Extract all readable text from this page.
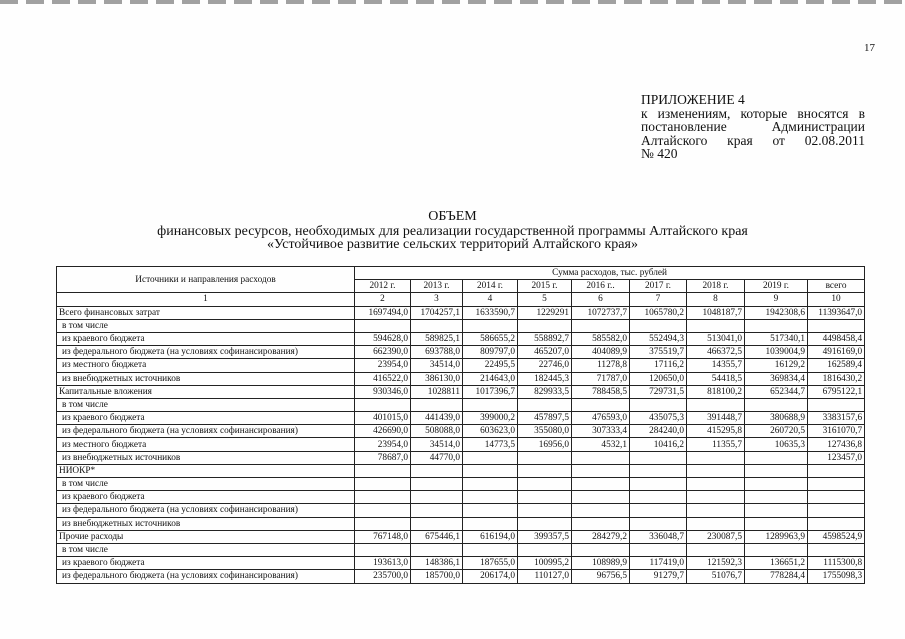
17
ПРИЛОЖЕНИЕ 4
к изменениям, которые вносятся в
постановление Администрации
Алтайского края от 02.08.2011
№ 420
ОБЪЕМ
финансовых ресурсов, необходимых для реализации государственной программы Алтайского края
«Устойчивое развитие сельских территорий Алтайского края»
Источники и направления расходов	Сумма расходов, тыс. рублей								
	2012 г.	2013 г.	2014 г.	2015 г.	2016 г..	2017 г.	2018 г.	2019 г.	всего
1	2	3	4	5	6	7	8	9	10
Всего финансовых затрат	1697494,0	1704257,1	1633590,7	1229291	1072737,7	1065780,2	1048187,7	1942308,6	11393647,0
в том числе									
из краевого бюджета	594628,0	589825,1	586655,2	558892,7	585582,0	552494,3	513041,0	517340,1	4498458,4
из федерального бюджета (на условиях софинансирования)	662390,0	693788,0	809797,0	465207,0	404089,9	375519,7	466372,5	1039004,9	4916169,0
из местного бюджета	23954,0	34514,0	22495,5	22746,0	11278,8	17116,2	14355,7	16129,2	162589,4
из внебюджетных источников	416522,0	386130,0	214643,0	182445,3	71787,0	120650,0	54418,5	369834,4	1816430,2
Капитальные вложения	930346,0	1028811	1017396,7	829933,5	788458,5	729731,5	818100,2	652344,7	6795122,1
в том числе									
из краевого бюджета	401015,0	441439,0	399000,2	457897,5	476593,0	435075,3	391448,7	380688,9	3383157,6
из федерального бюджета (на условиях софинансирования)	426690,0	508088,0	603623,0	355080,0	307333,4	284240,0	415295,8	260720,5	3161070,7
из местного бюджета	23954,0	34514,0	14773,5	16956,0	4532,1	10416,2	11355,7	10635,3	127436,8
из внебюджетных источников	78687,0	44770,0							123457,0
НИОКР*									
в том числе									
из краевого бюджета									
из федерального бюджета (на условиях софинансирования)									
из внебюджетных источников									
Прочие расходы	767148,0	675446,1	616194,0	399357,5	284279,2	336048,7	230087,5	1289963,9	4598524,9
в том числе									
из краевого бюджета	193613,0	148386,1	187655,0	100995,2	108989,9	117419,0	121592,3	136651,2	1115300,8
из федерального бюджета (на условиях софинансирования)	235700,0	185700,0	206174,0	110127,0	96756,5	91279,7	51076,7	778284,4	1755098,3
